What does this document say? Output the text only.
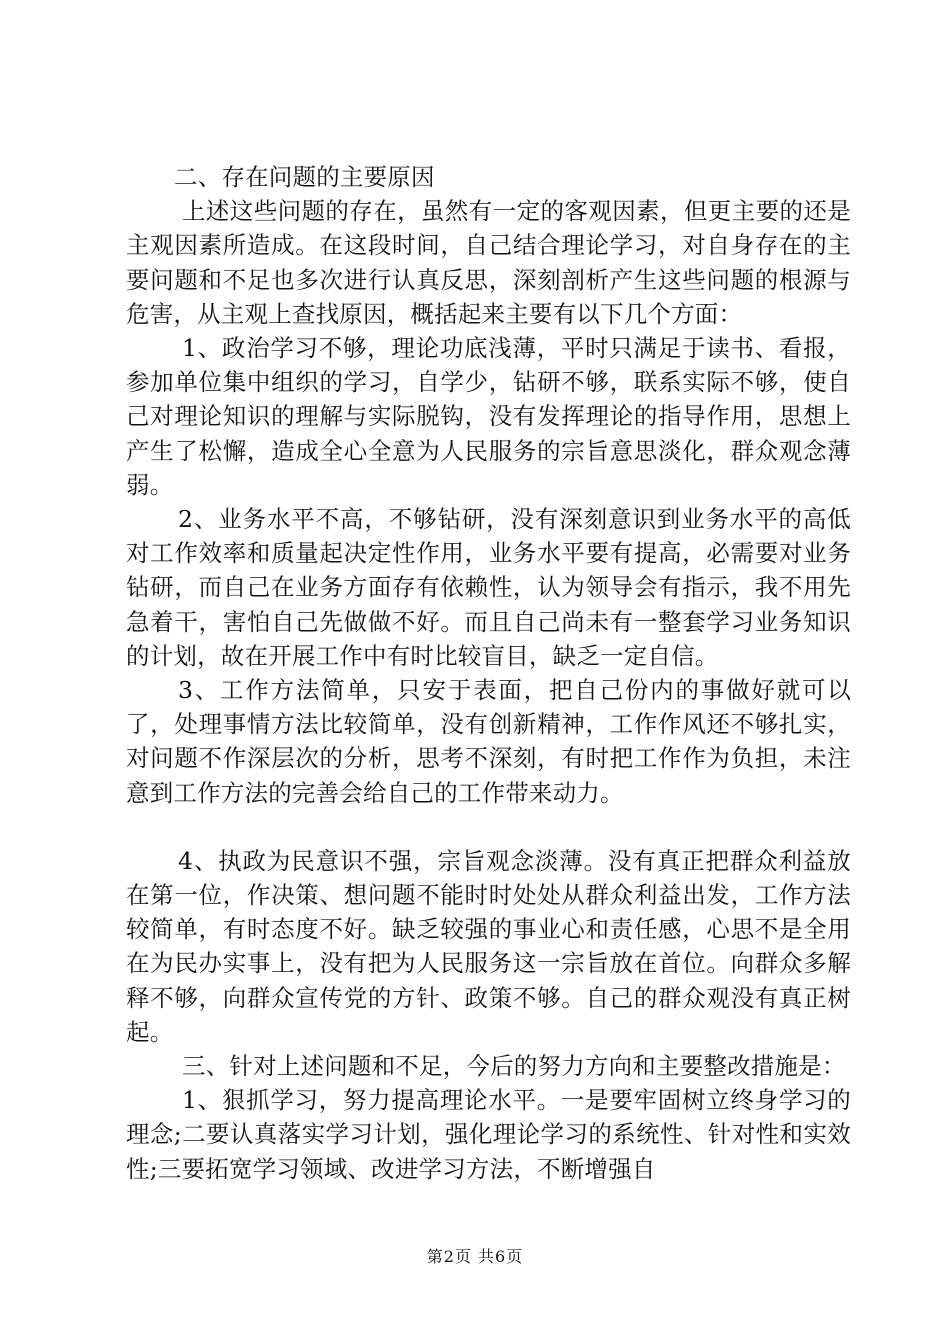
二、存在问题的主要原因

上述这些问题的存在，虽然有一定的客观因素，但更主要的还是主观因素所造成。在这段时间，自己结合理论学习，对自身存在的主要问题和不足也多次进行认真反思，深刻剖析产生这些问题的根源与危害，从主观上查找原因，概括起来主要有以下几个方面：

1、政治学习不够，理论功底浅薄，平时只满足于读书、看报，参加单位集中组织的学习，自学少，钻研不够，联系实际不够，使自己对理论知识的理解与实际脱钩，没有发挥理论的指导作用，思想上产生了松懈，造成全心全意为人民服务的宗旨意思淡化，群众观念薄弱。

2、业务水平不高，不够钻研，没有深刻意识到业务水平的高低对工作效率和质量起决定性作用，业务水平要有提高，必需要对业务钻研，而自己在业务方面存有依赖性，认为领导会有指示，我不用先急着干，害怕自己先做做不好。而且自己尚未有一整套学习业务知识的计划，故在开展工作中有时比较盲目，缺乏一定自信。

3、工作方法简单，只安于表面，把自己份内的事做好就可以了，处理事情方法比较简单，没有创新精神，工作作风还不够扎实，对问题不作深层次的分析，思考不深刻，有时把工作作为负担，未注意到工作方法的完善会给自己的工作带来动力。

4、执政为民意识不强，宗旨观念淡薄。没有真正把群众利益放在第一位，作决策、想问题不能时时处处从群众利益出发，工作方法较简单，有时态度不好。缺乏较强的事业心和责任感，心思不是全用在为民办实事上，没有把为人民服务这一宗旨放在首位。向群众多解释不够，向群众宣传党的方针、政策不够。自己的群众观没有真正树起。

三、针对上述问题和不足，今后的努力方向和主要整改措施是：

1、狠抓学习，努力提高理论水平。一是要牢固树立终身学习的理念;二要认真落实学习计划，强化理论学习的系统性、针对性和实效性;三要拓宽学习领域、改进学习方法，不断增强自

第2页 共6页
